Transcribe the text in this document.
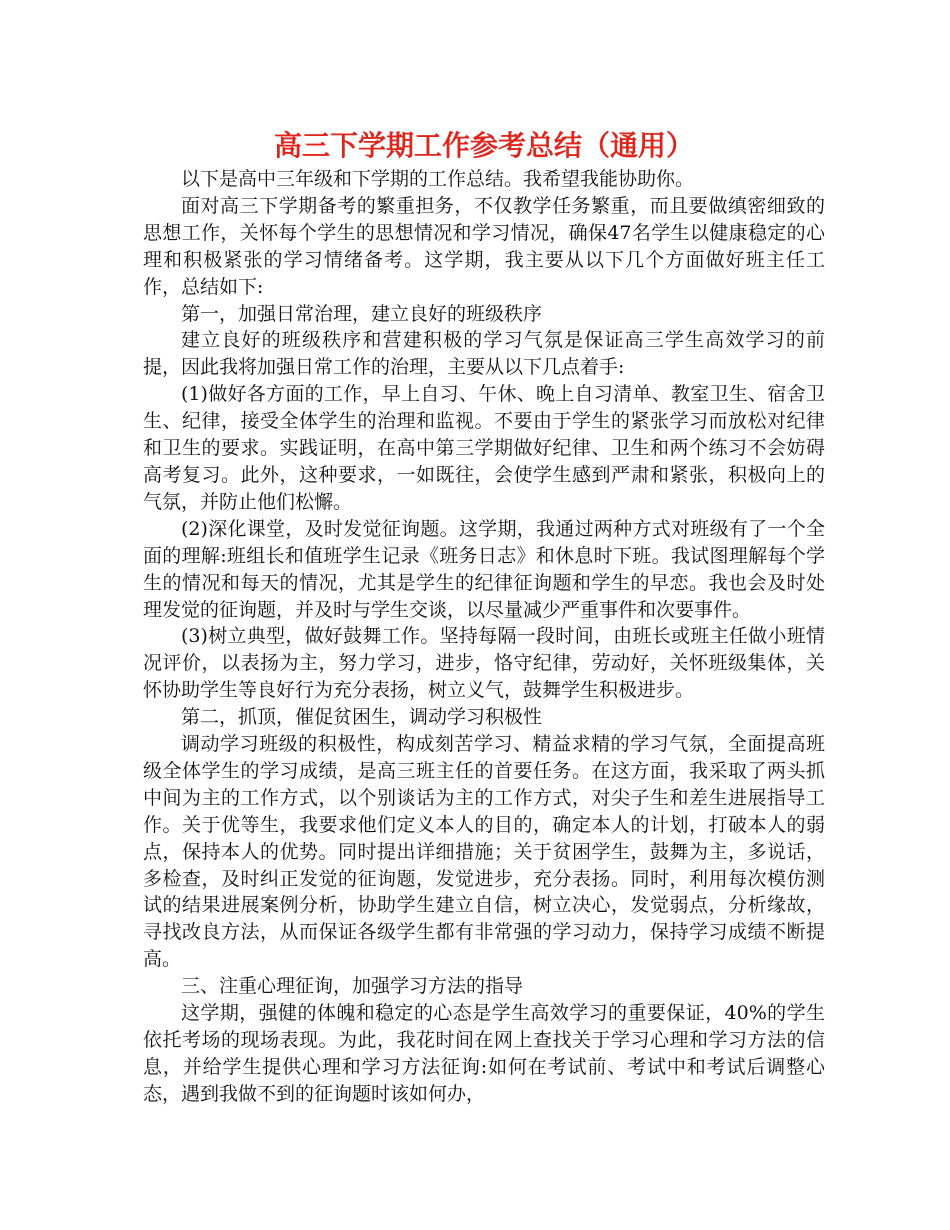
高三下学期工作参考总结（通用）

以下是高中三年级和下学期的工作总结。我希望我能协助你。

面对高三下学期备考的繁重担务，不仅教学任务繁重，而且要做缜密细致的思想工作，关怀每个学生的思想情况和学习情况，确保47名学生以健康稳定的心理和积极紧张的学习情绪备考。这学期，我主要从以下几个方面做好班主任工作，总结如下:

第一，加强日常治理，建立良好的班级秩序

建立良好的班级秩序和营建积极的学习气氛是保证高三学生高效学习的前提，因此我将加强日常工作的治理，主要从以下几点着手:

(1)做好各方面的工作，早上自习、午休、晚上自习清单、教室卫生、宿舍卫生、纪律，接受全体学生的治理和监视。不要由于学生的紧张学习而放松对纪律和卫生的要求。实践证明，在高中第三学期做好纪律、卫生和两个练习不会妨碍高考复习。此外，这种要求，一如既往，会使学生感到严肃和紧张，积极向上的气氛，并防止他们松懈。

(2)深化课堂，及时发觉征询题。这学期，我通过两种方式对班级有了一个全面的理解:班组长和值班学生记录《班务日志》和休息时下班。我试图理解每个学生的情况和每天的情况，尤其是学生的纪律征询题和学生的早恋。我也会及时处理发觉的征询题，并及时与学生交谈，以尽量减少严重事件和次要事件。

(3)树立典型，做好鼓舞工作。坚持每隔一段时间，由班长或班主任做小班情况评价，以表扬为主，努力学习，进步，恪守纪律，劳动好，关怀班级集体，关怀协助学生等良好行为充分表扬，树立义气，鼓舞学生积极进步。

第二，抓顶，催促贫困生，调动学习积极性

调动学习班级的积极性，构成刻苦学习、精益求精的学习气氛，全面提高班级全体学生的学习成绩，是高三班主任的首要任务。在这方面，我采取了两头抓中间为主的工作方式，以个别谈话为主的工作方式，对尖子生和差生进展指导工作。关于优等生，我要求他们定义本人的目的，确定本人的计划，打破本人的弱点，保持本人的优势。同时提出详细措施；关于贫困学生，鼓舞为主，多说话，多检查，及时纠正发觉的征询题，发觉进步，充分表扬。同时，利用每次模仿测试的结果进展案例分析，协助学生建立自信，树立决心，发觉弱点，分析缘故，寻找改良方法，从而保证各级学生都有非常强的学习动力，保持学习成绩不断提高。

三、注重心理征询，加强学习方法的指导

这学期，强健的体魄和稳定的心态是学生高效学习的重要保证，40%的学生依托考场的现场表现。为此，我花时间在网上查找关于学习心理和学习方法的信息，并给学生提供心理和学习方法征询:如何在考试前、考试中和考试后调整心态，遇到我做不到的征询题时该如何办，
